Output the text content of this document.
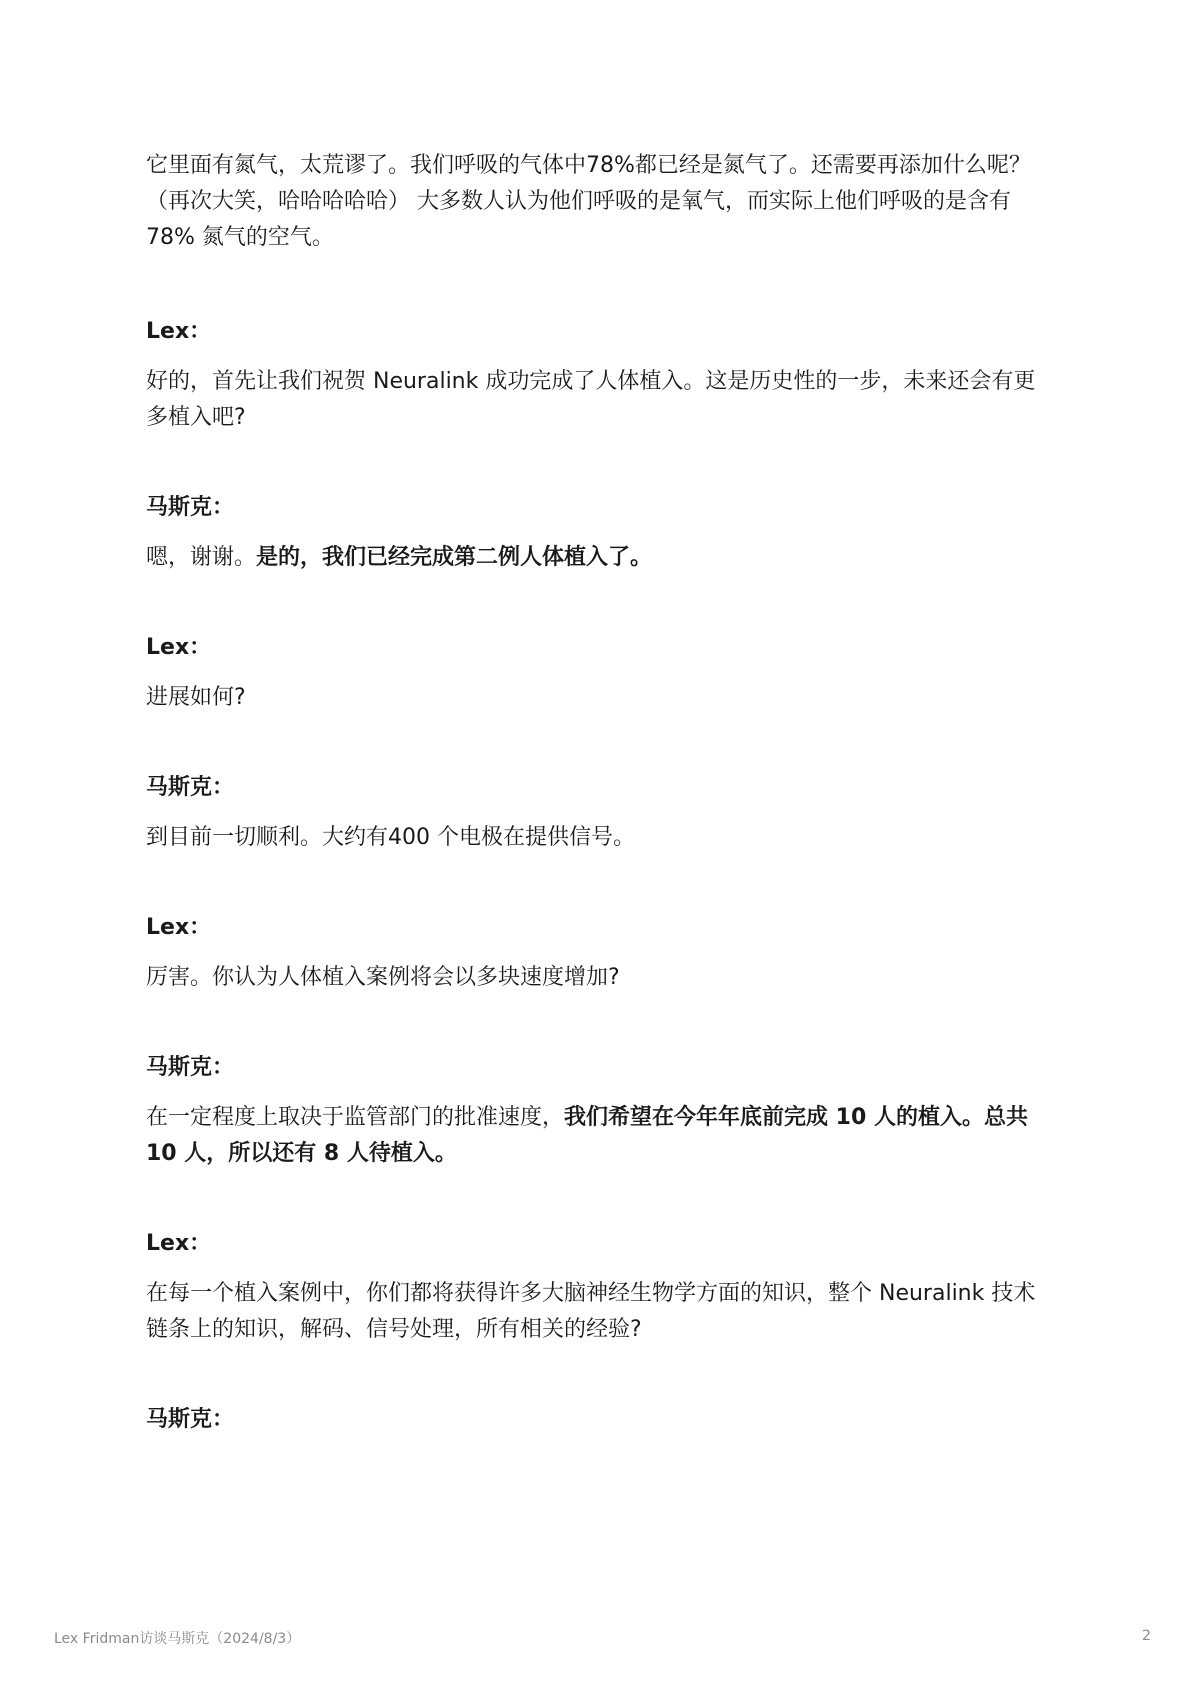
它里面有氮气，太荒谬了。我们呼吸的气体中78%都已经是氮气了。还需要再添加什么呢？（再次大笑，哈哈哈哈哈） 大多数人认为他们呼吸的是氧气，而实际上他们呼吸的是含有 78% 氮气的空气。

Lex：

好的，首先让我们祝贺 Neuralink 成功完成了人体植入。这是历史性的一步，未来还会有更多植入吧?

马斯克：

嗯，谢谢。是的，我们已经完成第二例人体植入了。

Lex：

进展如何?

马斯克：

到目前一切顺利。大约有400 个电极在提供信号。

Lex：

厉害。你认为人体植入案例将会以多块速度增加?

马斯克：

在一定程度上取决于监管部门的批准速度，我们希望在今年年底前完成 10 人的植入。总共 10 人，所以还有 8 人待植入。

Lex：

在每一个植入案例中，你们都将获得许多大脑神经生物学方面的知识，整个 Neuralink 技术链条上的知识，解码、信号处理，所有相关的经验?

马斯克：

Lex Fridman访谈马斯克（2024/8/3）	2
